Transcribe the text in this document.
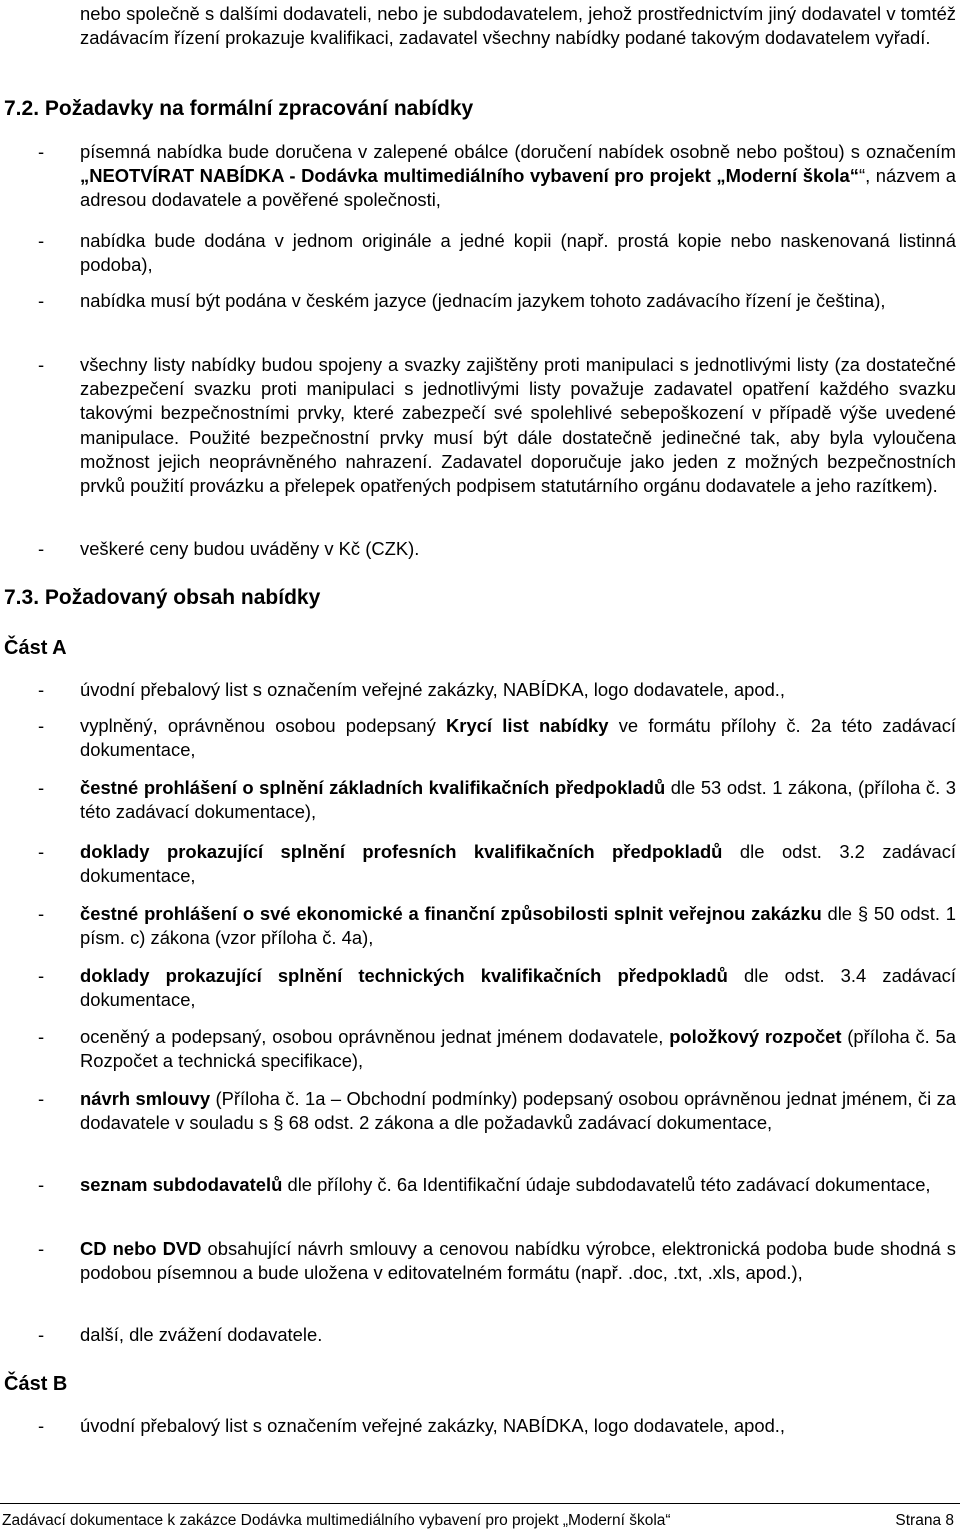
nebo společně s dalšími dodavateli, nebo je subdodavatelem, jehož prostřednictvím jiný dodavatel v tomtéž zadávacím řízení prokazuje kvalifikaci, zadavatel všechny nabídky podané takovým dodavatelem vyřadí.
7.2. Požadavky na formální zpracování nabídky
- písemná nabídka bude doručena v zalepené obálce (doručení nabídek osobně nebo poštou) s označením „NEOTVÍRAT NABÍDKA - Dodávka multimediálního vybavení pro projekt „Moderní škola““, názvem a adresou dodavatele a pověřené společnosti,
- nabídka bude dodána v jednom originále a jedné kopii (např. prostá kopie nebo naskenovaná listinná podoba),
- nabídka musí být podána v českém jazyce (jednacím jazykem tohoto zadávacího řízení je čeština),
- všechny listy nabídky budou spojeny a svazky zajištěny proti manipulaci s jednotlivými listy (za dostatečné zabezpečení svazku proti manipulaci s jednotlivými listy považuje zadavatel opatření každého svazku takovými bezpečnostními prvky, které zabezpečí své spolehlivé sebepoškození v případě výše uvedené manipulace. Použité bezpečnostní prvky musí být dále dostatečně jedinečné tak, aby byla vyloučena možnost jejich neoprávněného nahrazení. Zadavatel doporučuje jako jeden z možných bezpečnostních prvků použití provázku a přelepek opatřených podpisem statutárního orgánu dodavatele a jeho razítkem).
- veškeré ceny budou uváděny v Kč (CZK).
7.3. Požadovaný obsah nabídky
Část A
- úvodní přebalový list s označením veřejné zakázky, NABÍDKA, logo dodavatele, apod.,
- vyplněný, oprávněnou osobou podepsaný Krycí list nabídky ve formátu přílohy č. 2a této zadávací dokumentace,
- čestné prohlášení o splnění základních kvalifikačních předpokladů dle 53 odst. 1 zákona, (příloha č. 3 této zadávací dokumentace),
- doklady prokazující splnění profesních kvalifikačních předpokladů dle odst. 3.2 zadávací dokumentace,
- čestné prohlášení o své ekonomické a finanční způsobilosti splnit veřejnou zakázku dle § 50 odst. 1 písm. c) zákona (vzor příloha č. 4a),
- doklady prokazující splnění technických kvalifikačních předpokladů dle odst. 3.4 zadávací dokumentace,
- oceněný a podepsaný, osobou oprávněnou jednat jménem dodavatele, položkový rozpočet (příloha č. 5a Rozpočet a technická specifikace),
- návrh smlouvy (Příloha č. 1a – Obchodní podmínky) podepsaný osobou oprávněnou jednat jménem, či za dodavatele v souladu s § 68 odst. 2 zákona a dle požadavků zadávací dokumentace,
- seznam subdodavatelů dle přílohy č. 6a Identifikační údaje subdodavatelů této zadávací dokumentace,
- CD nebo DVD obsahující návrh smlouvy a cenovou nabídku výrobce, elektronická podoba bude shodná s podobou písemnou a bude uložena v editovatelném formátu (např. .doc, .txt, .xls, apod.),
- další, dle zvážení dodavatele.
Část B
- úvodní přebalový list s označením veřejné zakázky, NABÍDKA, logo dodavatele, apod.,
Zadávací dokumentace k zakázce Dodávka multimediálního vybavení pro projekt „Moderní škola“	Strana 8
